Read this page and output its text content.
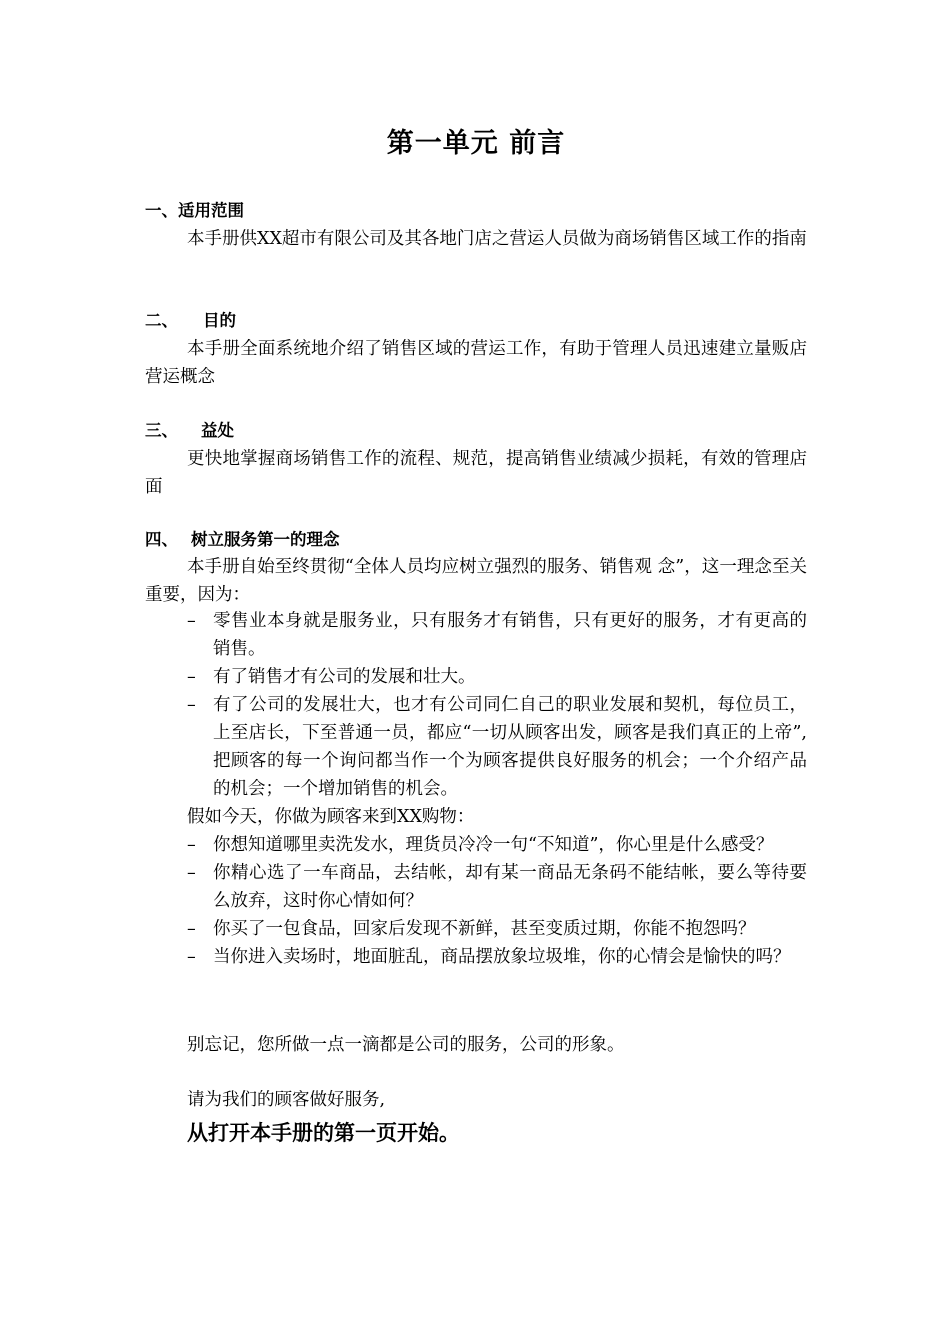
第一单元 前言
一、适用范围
本手册供XX超市有限公司及其各地门店之营运人员做为商场销售区域工作的指南
二、 目的
本手册全面系统地介绍了销售区域的营运工作，有助于管理人员迅速建立量贩店营运概念
三、 益处
更快地掌握商场销售工作的流程、规范，提高销售业绩减少损耗，有效的管理店面
四、 树立服务第一的理念
本手册自始至终贯彻“全体人员均应树立强烈的服务、销售观 念”，这一理念至关重要，因为：
– 零售业本身就是服务业，只有服务才有销售，只有更好的服务，才有更高的销售。
– 有了销售才有公司的发展和壮大。
– 有了公司的发展壮大，也才有公司同仁自己的职业发展和契机，每位员工，上至店长，下至普通一员，都应“一切从顾客出发，顾客是我们真正的上帝”,把顾客的每一个询问都当作一个为顾客提供良好服务的机会；一个介绍产品的机会；一个增加销售的机会。
假如今天，你做为顾客来到XX购物：
– 你想知道哪里卖洗发水，理货员冷冷一句“不知道”，你心里是什么感受？
– 你精心选了一车商品，去结帐，却有某一商品无条码不能结帐，要么等待要么放弃，这时你心情如何？
– 你买了一包食品，回家后发现不新鲜，甚至变质过期，你能不抱怨吗？
– 当你进入卖场时，地面脏乱，商品摆放象垃圾堆，你的心情会是愉快的吗？
别忘记，您所做一点一滴都是公司的服务，公司的形象。
请为我们的顾客做好服务,
从打开本手册的第一页开始。
